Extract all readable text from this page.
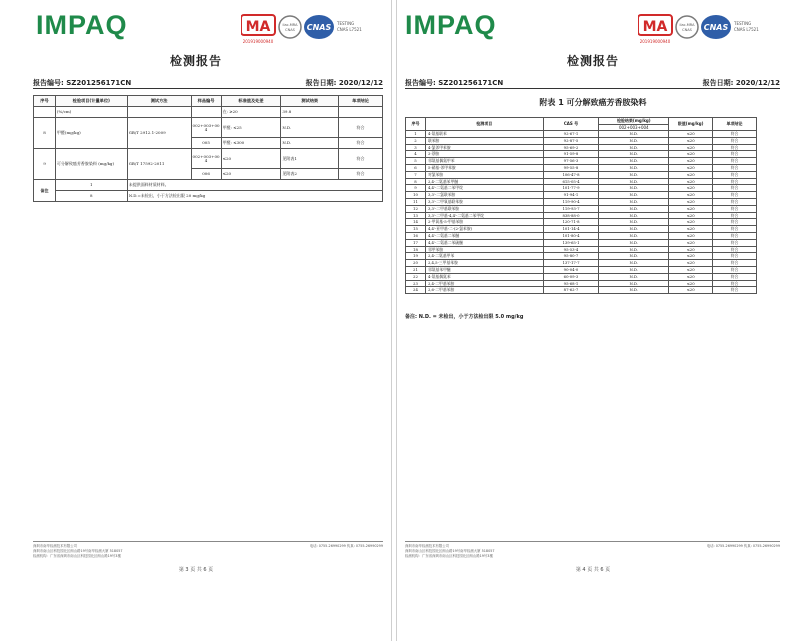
IMPAQ	MA
201919000940
ilac-MRA
CNAS CNAS TESTING
CNAS L7521
检测报告
报告编号: SZ201256171CN	报告日期: 2020/12/12
序号	检验项目(计量单位)	测试方法	样品编号	标准值及处差	测试结果	单项结论
	(%/cm)			在: ≥20	39.8	
8	甲醛(mg/kg)	GB/T 2912.1-2009	002+003+00 4	甲醛: ≤25	N.D.	符合
			005	甲醛: ≤300	N.D.	符合
9	可分解致癌芳香胺染料 (mg/kg)	GB/T 17592-2011	002+003+00 4	≤20	见附表1	符合
			006	≤20	见附表2	符合
备注	1	未提供面料材质材料。				
	8	N.D.=未检出，小于方法检出限 20 mg/kg				
深圳市南华检测技术有限公司	电话: 0755-26990299 传真: 0755-26990299
深圳市南山区科技园北区朗山路19号南华检测大厦 518057
检测机构：广东省深圳市南山区科技园北区朗山路19号3楼
第 3 页 共 6 页
IMPAQ	MA
201919000940
ilac-MRA
CNAS CNAS TESTING
CNAS L7521
检测报告
报告编号: SZ201256171CN	报告日期: 2020/12/12
附表 1 可分解致癌芳香胺染料
序号	检测项目	CAS 号	检验结果(mg/kg)	限值(mg/kg)	单项结论
			002+003+004		
1	4-氨基联苯	92-67-1	N.D.	≤20	符合
2	联苯胺	92-87-5	N.D.	≤20	符合
3	4-氯邻甲苯胺	95-69-2	N.D.	≤20	符合
4	2-萘胺	91-59-8	N.D.	≤20	符合
5	邻氨基偶氮甲苯	97-56-3	N.D.	≤20	符合
6	5-硝基-邻甲苯胺	99-55-8	N.D.	≤20	符合
7	对氯苯胺	106-47-8	N.D.	≤20	符合
8	2,4-二氨基苯甲醚	615-05-4	N.D.	≤20	符合
9	4,4'-二氨基二苯甲烷	101-77-9	N.D.	≤20	符合
10	3,3'-二氯联苯胺	91-94-1	N.D.	≤20	符合
11	3,3'-二甲氧基联苯胺	119-90-4	N.D.	≤20	符合
12	3,3'-二甲基联苯胺	119-93-7	N.D.	≤20	符合
13	3,3'-二甲基-4,4'-二氨基二苯甲烷	838-88-0	N.D.	≤20	符合
14	2-甲氧基-5-甲基苯胺	120-71-8	N.D.	≤20	符合
15	4,4'-亚甲基-二-(2-氯苯胺)	101-14-4	N.D.	≤20	符合
16	4,4'-二氨基二苯醚	101-80-4	N.D.	≤20	符合
17	4,4'-二氨基二苯硫醚	139-65-1	N.D.	≤20	符合
18	邻甲苯胺	95-53-4	N.D.	≤20	符合
19	2,4-二氨基甲苯	95-80-7	N.D.	≤20	符合
20	2,4,5-三甲基苯胺	137-17-7	N.D.	≤20	符合
21	邻氨基苯甲醚	90-04-0	N.D.	≤20	符合
22	4-氨基偶氮苯	60-09-3	N.D.	≤20	符合
23	2,4-二甲基苯胺	95-68-1	N.D.	≤20	符合
24	2,6-二甲基苯胺	87-62-7	N.D.	≤20	符合
备注: N.D. = 未检出，小于方法检出限 5.0 mg/kg
深圳市南华检测技术有限公司	电话: 0755-26990299 传真: 0755-26990299
深圳市南山区科技园北区朗山路19号南华检测大厦 518057
检测机构：广东省深圳市南山区科技园北区朗山路19号3楼
第 4 页 共 6 页
